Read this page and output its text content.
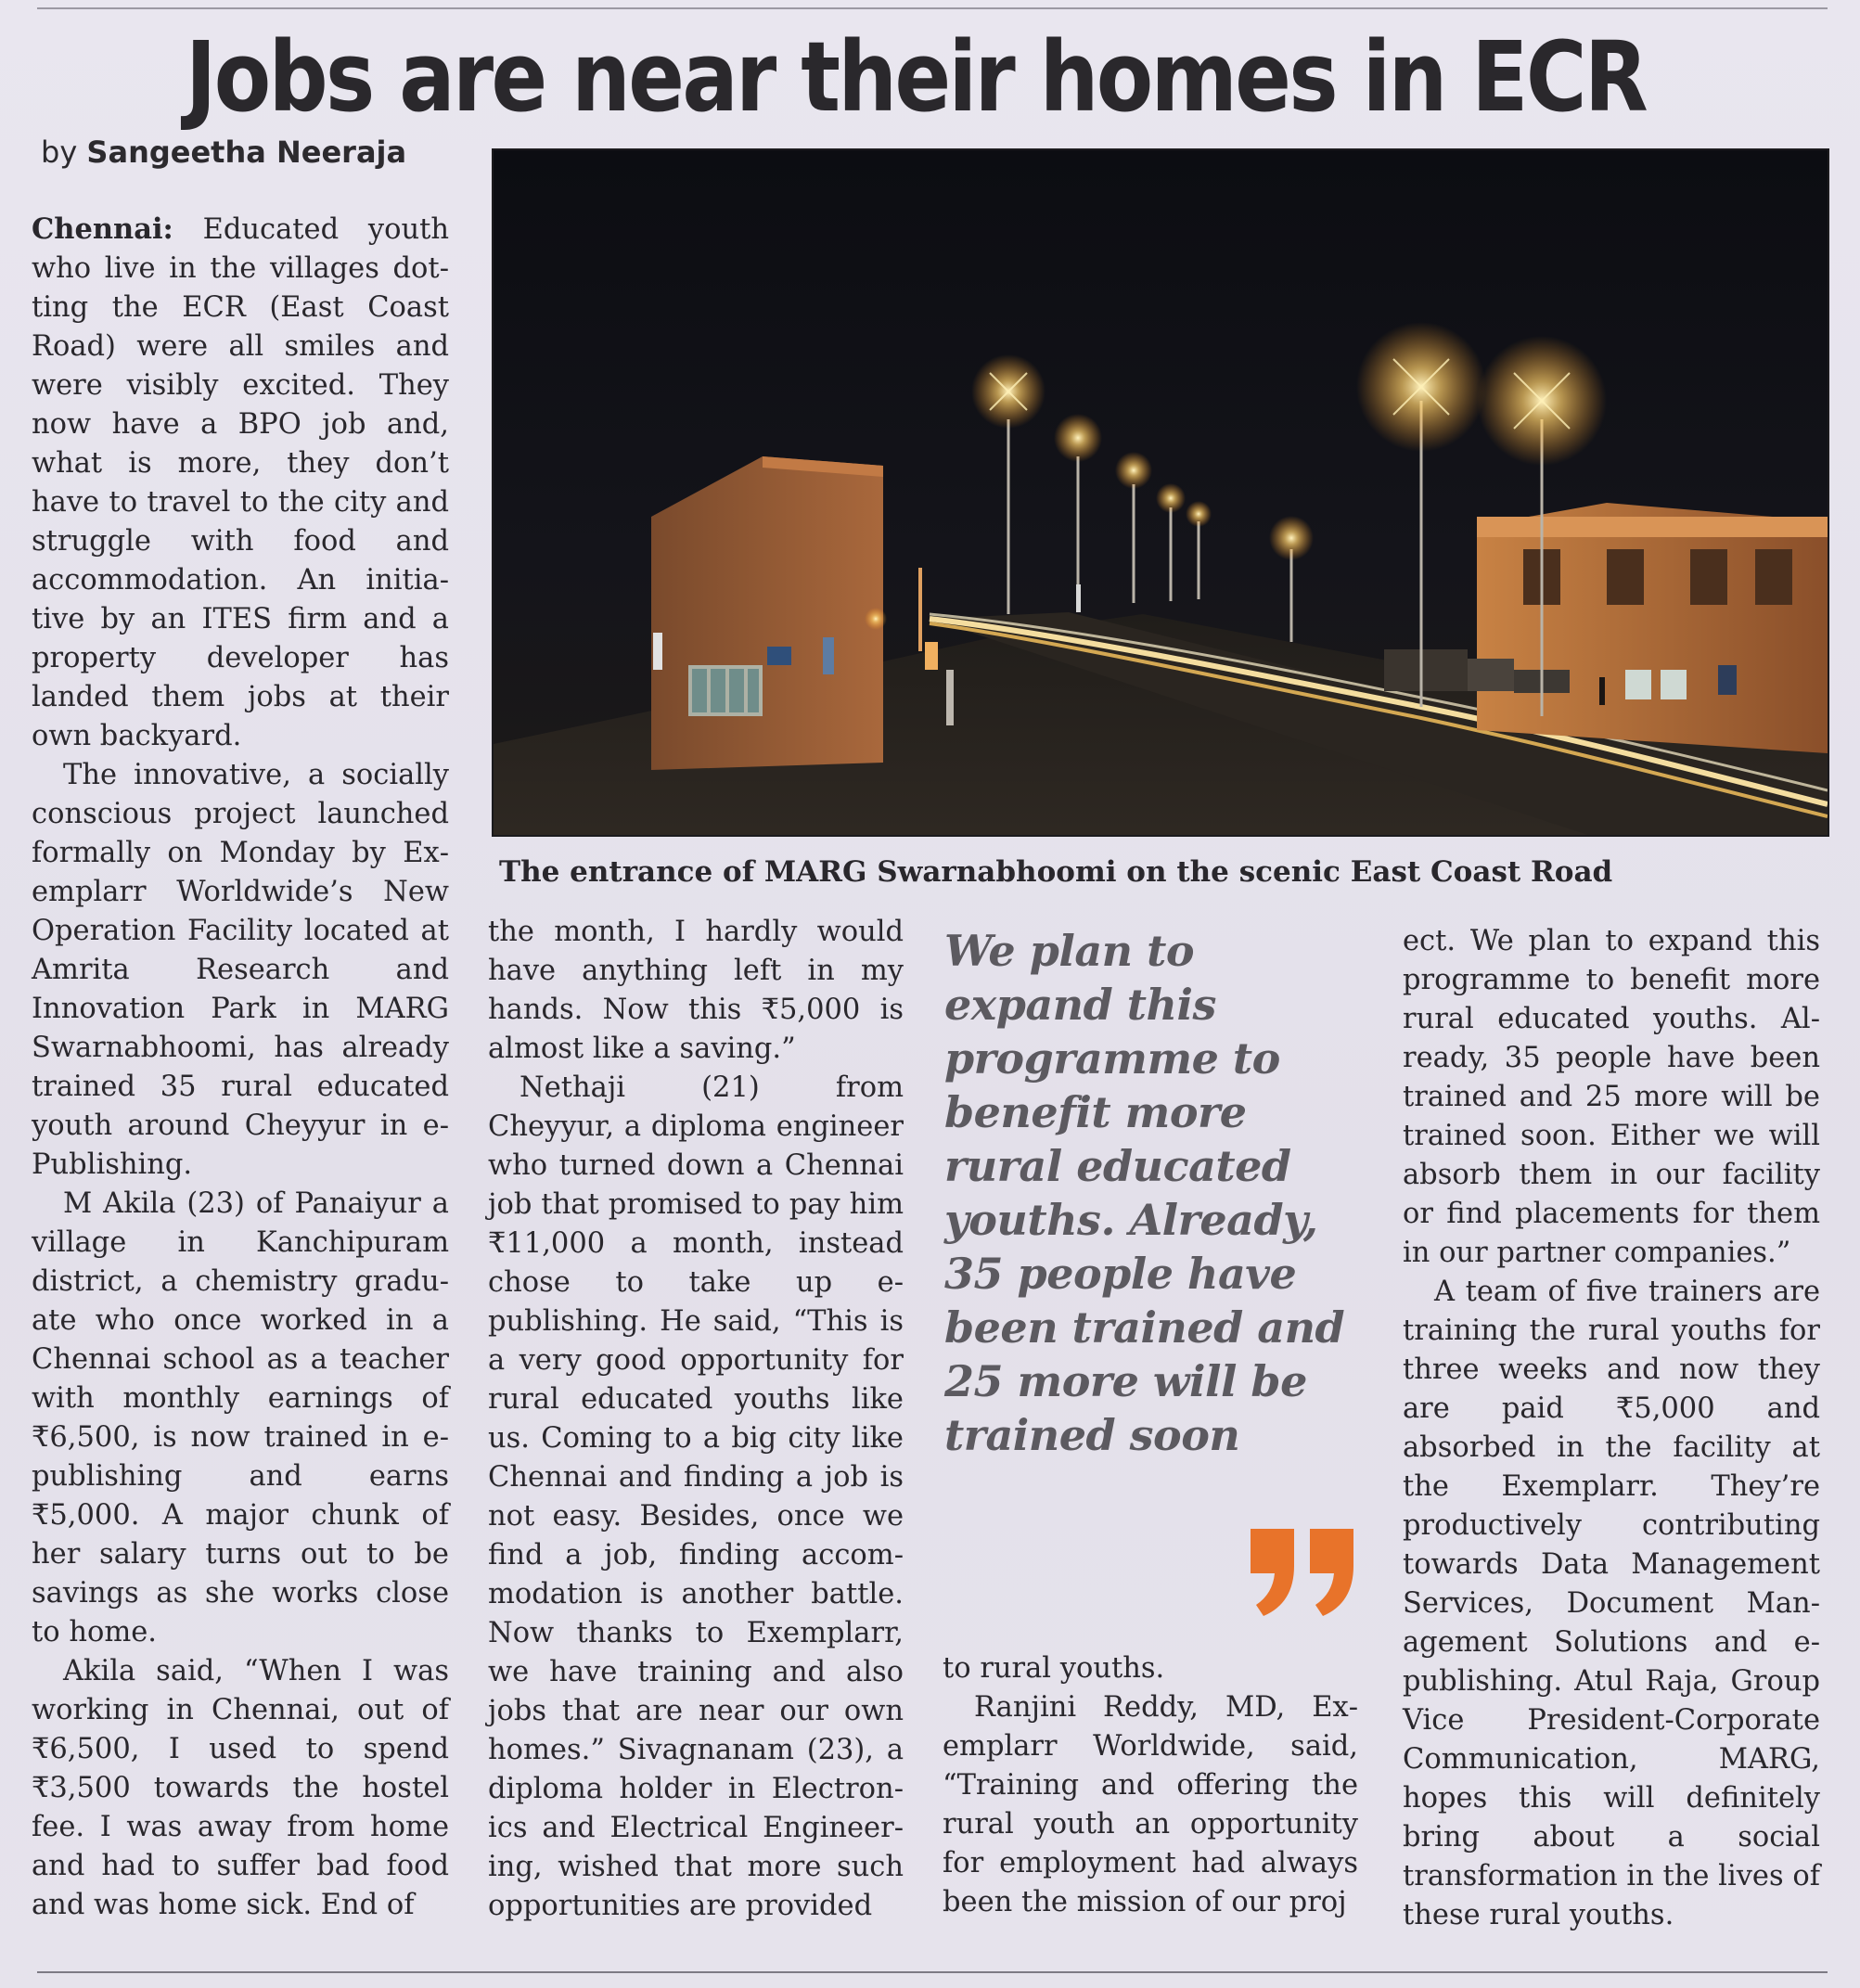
Jobs are near their homes in ECR
by Sangeetha Neeraja
The entrance of MARG Swarnabhoomi on the scenic East Coast Road

Chennai: Educated youth who live in the villages dotting the ECR (East Coast Road) were all smiles and were visibly excited. They now have a BPO job and, what is more, they don’t have to travel to the city and struggle with food and accommodation. An initiative by an ITES firm and a property developer has landed them jobs at their own backyard.

The innovative, a socially conscious project launched formally on Monday by Exemplarr Worldwide’s New Operation Facility located at Amrita Research and Innovation Park in MARG Swarnabhoomi, has already trained 35 rural educated youth around Cheyyur in e-Publishing.

M Akila (23) of Panaiyur a village in Kanchipuram district, a chemistry graduate who once worked in a Chennai school as a teacher with monthly earnings of ₹6,500, is now trained in e-publishing and earns ₹5,000. A major chunk of her salary turns out to be savings as she works close to home.

Akila said, “When I was working in Chennai, out of ₹6,500, I used to spend ₹3,500 towards the hostel fee. I was away from home and had to suffer bad food and was home sick. End of

the month, I hardly would have anything left in my hands. Now this ₹5,000 is almost like a saving.”

Nethaji (21) from Cheyyur, a diploma engineer who turned down a Chennai job that promised to pay him ₹11,000 a month, instead chose to take up e-publishing. He said, “This is a very good opportunity for rural educated youths like us. Coming to a big city like Chennai and finding a job is not easy. Besides, once we find a job, finding accommodation is another battle. Now thanks to Exemplarr, we have training and also jobs that are near our own homes.” Sivagnanam (23), a diploma holder in Electronics and Electrical Engineering, wished that more such opportunities are provided

We plan to expand this programme to benefit more rural educated youths. Already, 35 people have been trained and 25 more will be trained soon

to rural youths.

Ranjini Reddy, MD, Exemplarr Worldwide, said, “Training and offering the rural youth an opportunity for employment had always been the mission of our proj

ect. We plan to expand this programme to benefit more rural educated youths. Already, 35 people have been trained and 25 more will be trained soon. Either we will absorb them in our facility or find placements for them in our partner companies.”

A team of five trainers are training the rural youths for three weeks and now they are paid ₹5,000 and absorbed in the facility at the Exemplarr. They’re productively contributing towards Data Management Services, Document Management Solutions and e-publishing. Atul Raja, Group Vice President-Corporate Communication, MARG, hopes this will definitely bring about a social transformation in the lives of these rural youths.
